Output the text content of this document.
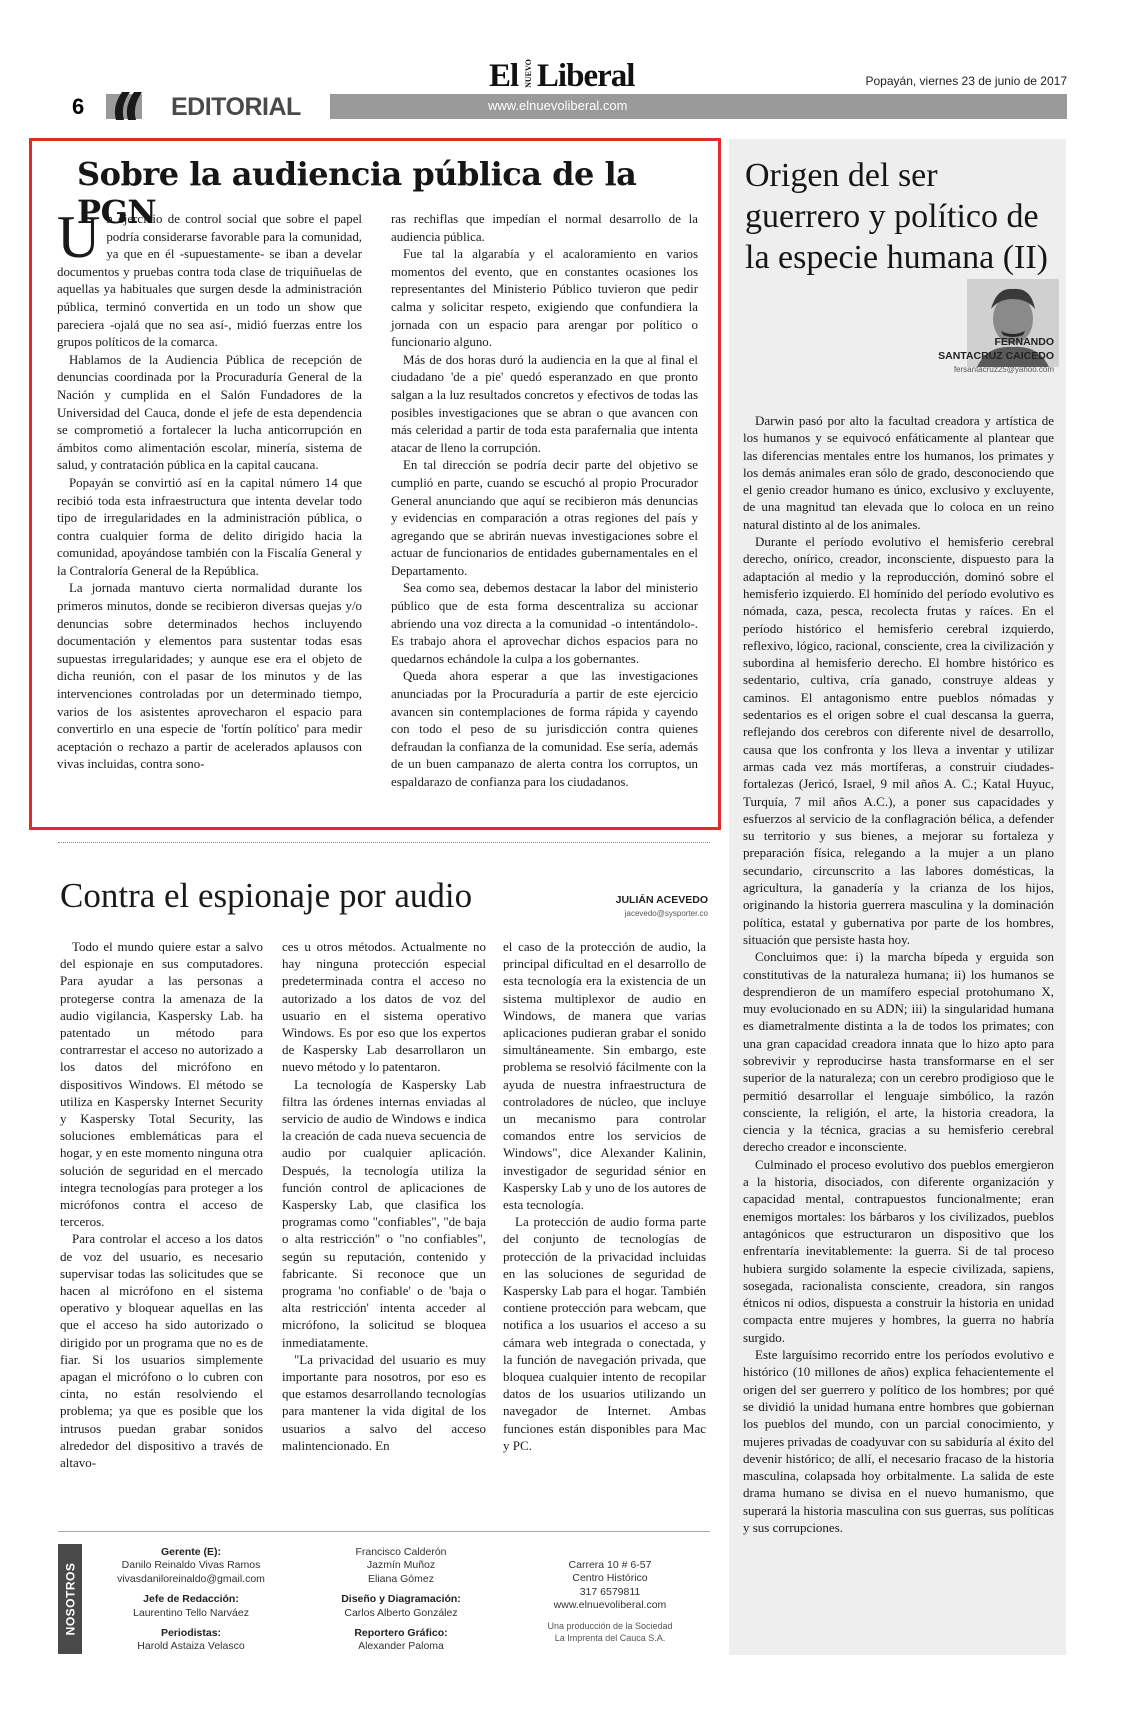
El NUEVO Liberal	Popayán, viernes 23 de junio de 2017
6	EDITORIAL	www.elnuevoliberal.com
Sobre la audiencia pública de la PGN

Un ejercicio de control social que sobre el papel podría considerarse favorable para la comunidad, ya que en él -supuestamente- se iban a develar documentos y pruebas contra toda clase de triquiñuelas de aquellas ya habituales que surgen desde la administración pública, terminó convertida en un todo un show que pareciera -ojalá que no sea así-, midió fuerzas entre los grupos políticos de la comarca.

Hablamos de la Audiencia Pública de recepción de denuncias coordinada por la Procuraduría General de la Nación y cumplida en el Salón Fundadores de la Universidad del Cauca, donde el jefe de esta dependencia se comprometió a fortalecer la lucha anticorrupción en ámbitos como alimentación escolar, minería, sistema de salud, y contratación pública en la capital caucana.

Popayán se convirtió así en la capital número 14 que recibió toda esta infraestructura que intenta develar todo tipo de irregularidades en la administración pública, o contra cualquier forma de delito dirigido hacia la comunidad, apoyándose también con la Fiscalía General y la Contraloría General de la República.

La jornada mantuvo cierta normalidad durante los primeros minutos, donde se recibieron diversas quejas y/o denuncias sobre determinados hechos incluyendo documentación y elementos para sustentar todas esas supuestas irregularidades; y aunque ese era el objeto de dicha reunión, con el pasar de los minutos y de las intervenciones controladas por un determinado tiempo, varios de los asistentes aprovecharon el espacio para convertirlo en una especie de 'fortín político' para medir aceptación o rechazo a partir de acelerados aplausos con vivas incluidas, contra sono-

ras rechiflas que impedían el normal desarrollo de la audiencia pública.

Fue tal la algarabía y el acaloramiento en varios momentos del evento, que en constantes ocasiones los representantes del Ministerio Público tuvieron que pedir calma y solicitar respeto, exigiendo que confundiera la jornada con un espacio para arengar por político o funcionario alguno.

Más de dos horas duró la audiencia en la que al final el ciudadano 'de a pie' quedó esperanzado en que pronto salgan a la luz resultados concretos y efectivos de todas las posibles investigaciones que se abran o que avancen con más celeridad a partir de toda esta parafernalia que intenta atacar de lleno la corrupción.

En tal dirección se podría decir parte del objetivo se cumplió en parte, cuando se escuchó al propio Procurador General anunciando que aquí se recibieron más denuncias y evidencias en comparación a otras regiones del país y agregando que se abrirán nuevas investigaciones sobre el actuar de funcionarios de entidades gubernamentales en el Departamento.

Sea como sea, debemos destacar la labor del ministerio público que de esta forma descentraliza su accionar abriendo una voz directa a la comunidad -o intentándolo-. Es trabajo ahora el aprovechar dichos espacios para no quedarnos echándole la culpa a los gobernantes.

Queda ahora esperar a que las investigaciones anunciadas por la Procuraduría a partir de este ejercicio avancen sin contemplaciones de forma rápida y cayendo con todo el peso de su jurisdicción contra quienes defraudan la confianza de la comunidad. Ese sería, además de un buen campanazo de alerta contra los corruptos, un espaldarazo de confianza para los ciudadanos.

Origen del ser guerrero y político de la especie humana (II)
FERNANDO
SANTACRUZ CAICEDO
fersantacruz25@yahoo.com

Darwin pasó por alto la facultad creadora y artística de los humanos y se equivocó enfáticamente al plantear que las diferencias mentales entre los humanos, los primates y los demás animales eran sólo de grado, desconociendo que el genio creador humano es único, exclusivo y excluyente, de una magnitud tan elevada que lo coloca en un reino natural distinto al de los animales.

Durante el período evolutivo el hemisferio cerebral derecho, onírico, creador, inconsciente, dispuesto para la adaptación al medio y la reproducción, dominó sobre el hemisferio izquierdo. El homínido del período evolutivo es nómada, caza, pesca, recolecta frutas y raíces. En el período histórico el hemisferio cerebral izquierdo, reflexivo, lógico, racional, consciente, crea la civilización y subordina al hemisferio derecho. El hombre histórico es sedentario, cultiva, cría ganado, construye aldeas y caminos. El antagonismo entre pueblos nómadas y sedentarios es el origen sobre el cual descansa la guerra, reflejando dos cerebros con diferente nivel de desarrollo, causa que los confronta y los lleva a inventar y utilizar armas cada vez más mortíferas, a construir ciudades-fortalezas (Jericó, Israel, 9 mil años A. C.; Katal Huyuc, Turquía, 7 mil años A.C.), a poner sus capacidades y esfuerzos al servicio de la conflagración bélica, a defender su territorio y sus bienes, a mejorar su fortaleza y preparación física, relegando a la mujer a un plano secundario, circunscrito a las labores domésticas, la agricultura, la ganadería y la crianza de los hijos, originando la historia guerrera masculina y la dominación política, estatal y gubernativa por parte de los hombres, situación que persiste hasta hoy.

Concluimos que: i) la marcha bípeda y erguida son constitutivas de la naturaleza humana; ii) los humanos se desprendieron de un mamífero especial protohumano X, muy evolucionado en su ADN; iii) la singularidad humana es diametralmente distinta a la de todos los primates; con una gran capacidad creadora innata que lo hizo apto para sobrevivir y reproducirse hasta transformarse en el ser superior de la naturaleza; con un cerebro prodigioso que le permitió desarrollar el lenguaje simbólico, la razón consciente, la religión, el arte, la historia creadora, la ciencia y la técnica, gracias a su hemisferio cerebral derecho creador e inconsciente.

Culminado el proceso evolutivo dos pueblos emergieron a la historia, disociados, con diferente organización y capacidad mental, contrapuestos funcionalmente; eran enemigos mortales: los bárbaros y los civilizados, pueblos antagónicos que estructuraron un dispositivo que los enfrentaría inevitablemente: la guerra. Si de tal proceso hubiera surgido solamente la especie civilizada, sapiens, sosegada, racionalista consciente, creadora, sin rangos étnicos ni odios, dispuesta a construir la historia en unidad compacta entre mujeres y hombres, la guerra no habría surgido.

Este larguísimo recorrido entre los períodos evolutivo e histórico (10 millones de años) explica fehacientemente el origen del ser guerrero y político de los hombres; por qué se dividió la unidad humana entre hombres que gobiernan los pueblos del mundo, con un parcial conocimiento, y mujeres privadas de coadyuvar con su sabiduría al éxito del devenir histórico; de allí, el necesario fracaso de la historia masculina, colapsada hoy orbitalmente. La salida de este drama humano se divisa en el nuevo humanismo, que superará la historia masculina con sus guerras, sus políticas y sus corrupciones.

Contra el espionaje por audio	JULIÁN ACEVEDO
jacevedo@sysporter.co

Todo el mundo quiere estar a salvo del espionaje en sus computadores. Para ayudar a las personas a protegerse contra la amenaza de la audio vigilancia, Kaspersky Lab. ha patentado un método para contrarrestar el acceso no autorizado a los datos del micrófono en dispositivos Windows. El método se utiliza en Kaspersky Internet Security y Kaspersky Total Security, las soluciones emblemáticas para el hogar, y en este momento ninguna otra solución de seguridad en el mercado integra tecnologías para proteger a los micrófonos contra el acceso de terceros.

Para controlar el acceso a los datos de voz del usuario, es necesario supervisar todas las solicitudes que se hacen al micrófono en el sistema operativo y bloquear aquellas en las que el acceso ha sido autorizado o dirigido por un programa que no es de fiar. Si los usuarios simplemente apagan el micrófono o lo cubren con cinta, no están resolviendo el problema; ya que es posible que los intrusos puedan grabar sonidos alrededor del dispositivo a través de altavo-

ces u otros métodos. Actualmente no hay ninguna protección especial predeterminada contra el acceso no autorizado a los datos de voz del usuario en el sistema operativo Windows. Es por eso que los expertos de Kaspersky Lab desarrollaron un nuevo método y lo patentaron.

La tecnología de Kaspersky Lab filtra las órdenes internas enviadas al servicio de audio de Windows e indica la creación de cada nueva secuencia de audio por cualquier aplicación. Después, la tecnología utiliza la función control de aplicaciones de Kaspersky Lab, que clasifica los programas como "confiables", "de baja o alta restricción" o "no confiables", según su reputación, contenido y fabricante. Si reconoce que un programa 'no confiable' o de 'baja o alta restricción' intenta acceder al micrófono, la solicitud se bloquea inmediatamente.

"La privacidad del usuario es muy importante para nosotros, por eso es que estamos desarrollando tecnologías para mantener la vida digital de los usuarios a salvo del acceso malintencionado. En

el caso de la protección de audio, la principal dificultad en el desarrollo de esta tecnología era la existencia de un sistema multiplexor de audio en Windows, de manera que varias aplicaciones pudieran grabar el sonido simultáneamente. Sin embargo, este problema se resolvió fácilmente con la ayuda de nuestra infraestructura de controladores de núcleo, que incluye un mecanismo para controlar comandos entre los servicios de Windows", dice Alexander Kalinin, investigador de seguridad sénior en Kaspersky Lab y uno de los autores de esta tecnología.

La protección de audio forma parte del conjunto de tecnologías de protección de la privacidad incluidas en las soluciones de seguridad de Kaspersky Lab para el hogar. También contiene protección para webcam, que notifica a los usuarios el acceso a su cámara web integrada o conectada, y la función de navegación privada, que bloquea cualquier intento de recopilar datos de los usuarios utilizando un navegador de Internet. Ambas funciones están disponibles para Mac y PC.

NOSOTROS
Gerente (E):
Danilo Reinaldo Vivas Ramos
vivasdaniloreinaldo@gmail.com
Jefe de Redacción:
Laurentino Tello Narváez
Periodistas:
Harold Astaiza Velasco
Francisco Calderón
Jazmín Muñoz
Eliana Gómez
Diseño y Diagramación:
Carlos Alberto González
Reportero Gráfico:
Alexander Paloma
Carrera 10 # 6-57
Centro Histórico
317 6579811
www.elnuevoliberal.com
Una producción de la Sociedad
La Imprenta del Cauca S.A.
